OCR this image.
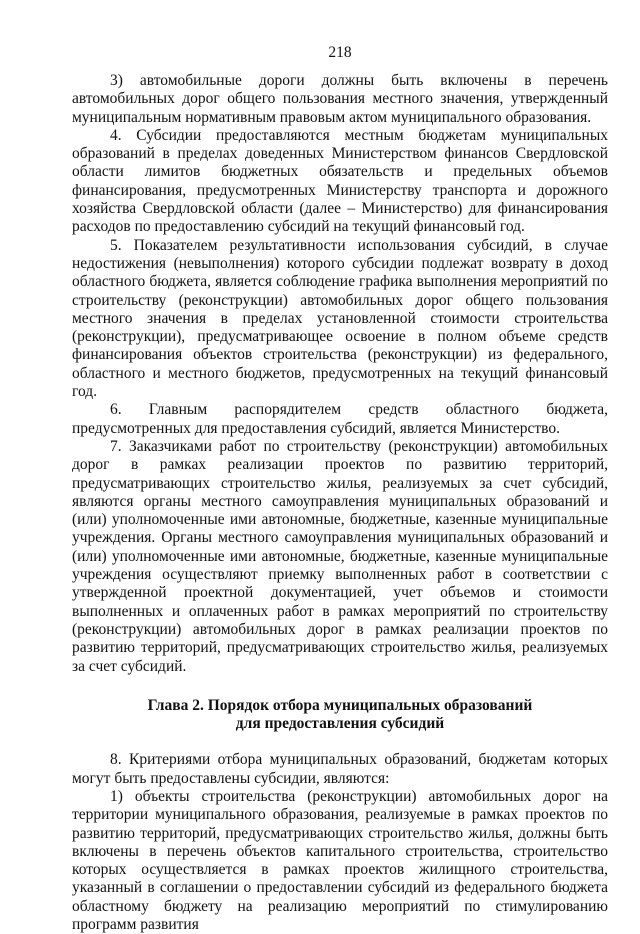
218

3) автомобильные дороги должны быть включены в перечень автомобильных дорог общего пользования местного значения, утвержденный муниципальным нормативным правовым актом муниципального образования.

4. Субсидии предоставляются местным бюджетам муниципальных образований в пределах доведенных Министерством финансов Свердловской области лимитов бюджетных обязательств и предельных объемов финансирования, предусмотренных Министерству транспорта и дорожного хозяйства Свердловской области (далее – Министерство) для финансирования расходов по предоставлению субсидий на текущий финансовый год.

5. Показателем результативности использования субсидий, в случае недостижения (невыполнения) которого субсидии подлежат возврату в доход областного бюджета, является соблюдение графика выполнения мероприятий по строительству (реконструкции) автомобильных дорог общего пользования местного значения в пределах установленной стоимости строительства (реконструкции), предусматривающее освоение в полном объеме средств финансирования объектов строительства (реконструкции) из федерального, областного и местного бюджетов, предусмотренных на текущий финансовый год.

6. Главным распорядителем средств областного бюджета, предусмотренных для предоставления субсидий, является Министерство.

7. Заказчиками работ по строительству (реконструкции) автомобильных дорог в рамках реализации проектов по развитию территорий, предусматривающих строительство жилья, реализуемых за счет субсидий, являются органы местного самоуправления муниципальных образований и (или) уполномоченные ими автономные, бюджетные, казенные муниципальные учреждения. Органы местного самоуправления муниципальных образований и (или) уполномоченные ими автономные, бюджетные, казенные муниципальные учреждения осуществляют приемку выполненных работ в соответствии с утвержденной проектной документацией, учет объемов и стоимости выполненных и оплаченных работ в рамках мероприятий по строительству (реконструкции) автомобильных дорог в рамках реализации проектов по развитию территорий, предусматривающих строительство жилья, реализуемых за счет субсидий.

Глава 2. Порядок отбора муниципальных образований
для предоставления субсидий

8. Критериями отбора муниципальных образований, бюджетам которых могут быть предоставлены субсидии, являются:

1) объекты строительства (реконструкции) автомобильных дорог на территории муниципального образования, реализуемые в рамках проектов по развитию территорий, предусматривающих строительство жилья, должны быть включены в перечень объектов капитального строительства, строительство которых осуществляется в рамках проектов жилищного строительства, указанный в соглашении о предоставлении субсидий из федерального бюджета областному бюджету на реализацию мероприятий по стимулированию программ развития
